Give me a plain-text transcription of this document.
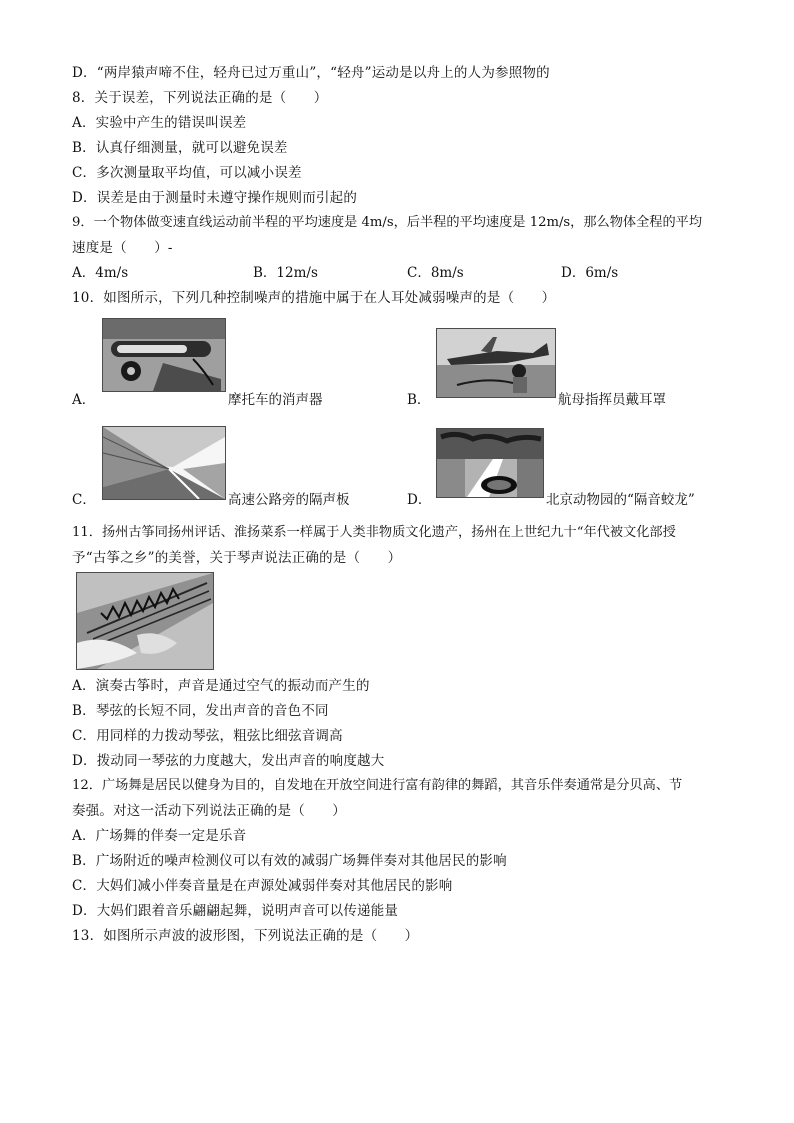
D．“两岸猿声啼不住，轻舟已过万重山”，“轻舟”运动是以舟上的人为参照物的
8．关于误差，下列说法正确的是（　　）
A．实验中产生的错误叫误差
B．认真仔细测量，就可以避免误差
C．多次测量取平均值，可以减小误差
D．误差是由于测量时未遵守操作规则而引起的
9．一个物体做变速直线运动前半程的平均速度是 4m/s，后半程的平均速度是 12m/s，那么物体全程的平均
速度是（　　）-
A．4m/s	B．12m/s	C．8m/s	D．6m/s
10．如图所示，下列几种控制噪声的措施中属于在人耳处减弱噪声的是（　　）
A．	摩托车的消声器	B．	航母指挥员戴耳罩
C．	高速公路旁的隔声板	D．	北京动物园的“隔音蛟龙”
11．扬州古筝同扬州评话、淮扬菜系一样属于人类非物质文化遗产，扬州在上世纪九十“年代被文化部授
予“古筝之乡”的美誉，关于琴声说法正确的是（　　）
A．演奏古筝时，声音是通过空气的振动而产生的
B．琴弦的长短不同，发出声音的音色不同
C．用同样的力拨动琴弦，粗弦比细弦音调高
D．拨动同一琴弦的力度越大，发出声音的响度越大
12．广场舞是居民以健身为目的，自发地在开放空间进行富有韵律的舞蹈，其音乐伴奏通常是分贝高、节
奏强。对这一活动下列说法正确的是（　　）
A．广场舞的伴奏一定是乐音
B．广场附近的噪声检测仪可以有效的减弱广场舞伴奏对其他居民的影响
C．大妈们减小伴奏音量是在声源处减弱伴奏对其他居民的影响
D．大妈们跟着音乐翩翩起舞，说明声音可以传递能量
13．如图所示声波的波形图，下列说法正确的是（　　）
